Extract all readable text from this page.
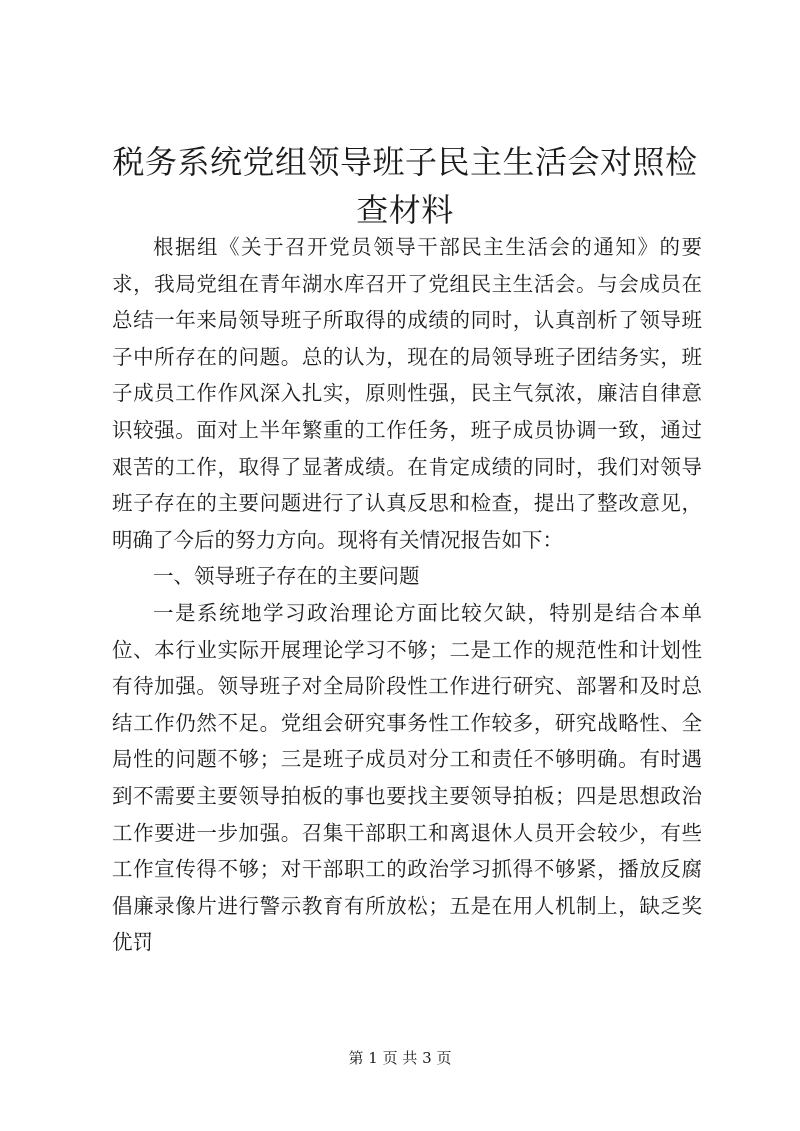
税务系统党组领导班子民主生活会对照检查材料

根据组《关于召开党员领导干部民主生活会的通知》的要求，我局党组在青年湖水库召开了党组民主生活会。与会成员在总结一年来局领导班子所取得的成绩的同时，认真剖析了领导班子中所存在的问题。总的认为，现在的局领导班子团结务实，班子成员工作作风深入扎实，原则性强，民主气氛浓，廉洁自律意识较强。面对上半年繁重的工作任务，班子成员协调一致，通过艰苦的工作，取得了显著成绩。在肯定成绩的同时，我们对领导班子存在的主要问题进行了认真反思和检查，提出了整改意见，明确了今后的努力方向。现将有关情况报告如下：

一、领导班子存在的主要问题

一是系统地学习政治理论方面比较欠缺，特别是结合本单位、本行业实际开展理论学习不够；二是工作的规范性和计划性有待加强。领导班子对全局阶段性工作进行研究、部署和及时总结工作仍然不足。党组会研究事务性工作较多，研究战略性、全局性的问题不够；三是班子成员对分工和责任不够明确。有时遇到不需要主要领导拍板的事也要找主要领导拍板；四是思想政治工作要进一步加强。召集干部职工和离退休人员开会较少，有些工作宣传得不够；对干部职工的政治学习抓得不够紧，播放反腐倡廉录像片进行警示教育有所放松；五是在用人机制上，缺乏奖优罚

第 1 页 共 3 页
